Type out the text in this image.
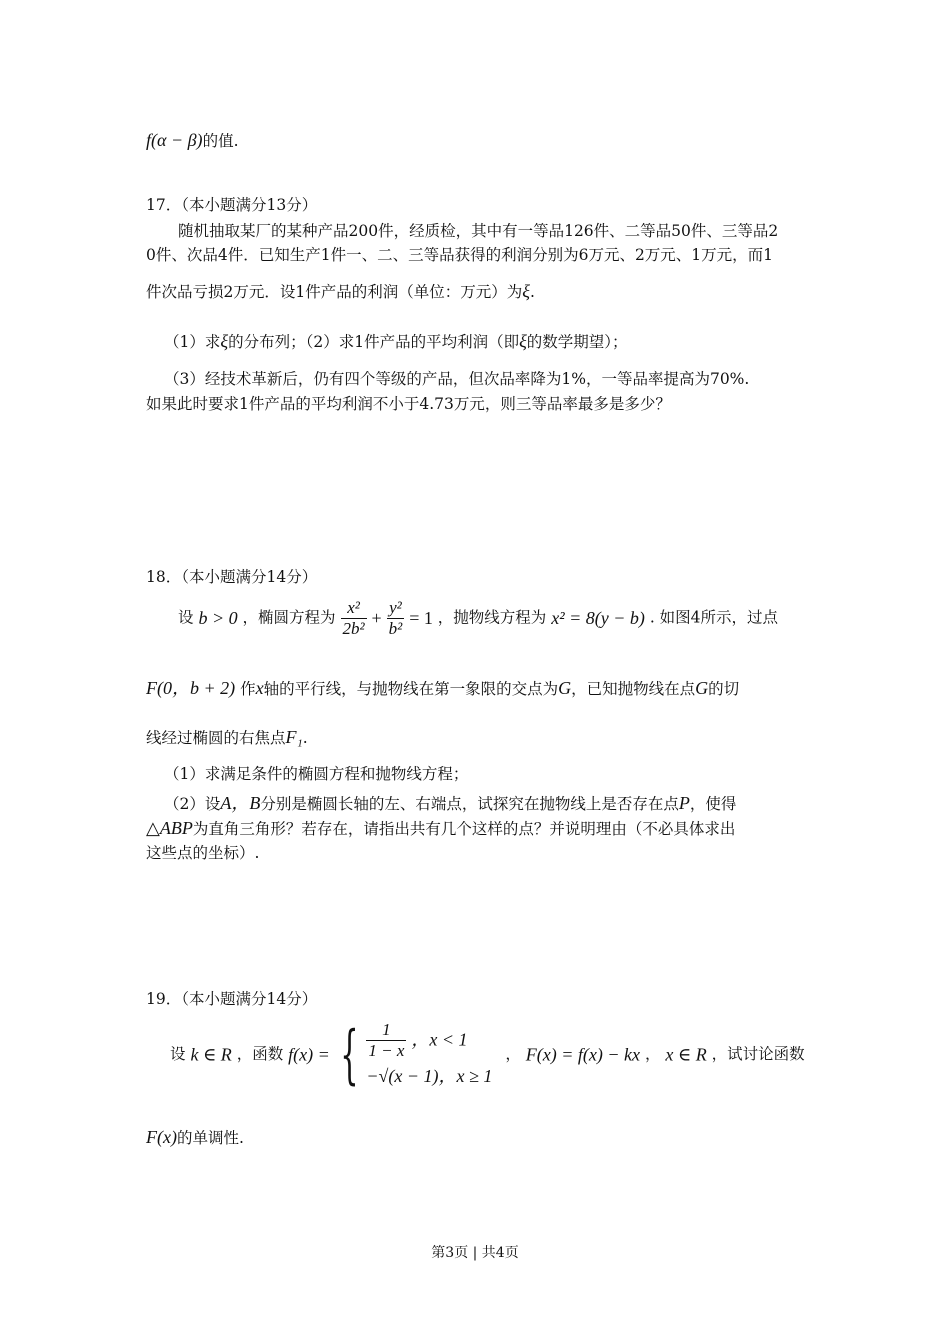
f(α − β)的值.
17．（本小题满分13分）
随机抽取某厂的某种产品200件，经质检，其中有一等品126件、二等品50件、三等品2
0件、次品4件．已知生产1件一、二、三等品获得的利润分别为6万元、2万元、1万元，而1
件次品亏损2万元．设1件产品的利润（单位：万元）为ξ.
（1）求ξ的分布列；（2）求1件产品的平均利润（即ξ的数学期望）；
（3）经技术革新后，仍有四个等级的产品，但次品率降为1%，一等品率提高为70%.
如果此时要求1件产品的平均利润不小于4.73万元，则三等品率最多是多少？
18．（本小题满分14分）
设 b > 0 ，椭圆方程为 $\frac{\text{x²}}{\text{2b²}} + \frac{\text{y²}}{\text{b²}} = 1$ ，抛物线方程为 x² = 8(y − b) . 如图4所示，过点
F(0，b + 2) 作x轴的平行线，与抛物线在第一象限的交点为G，已知抛物线在点G的切
线经过椭圆的右焦点F₁.
（1）求满足条件的椭圆方程和抛物线方程；
（2）设A，B分别是椭圆长轴的左、右端点，试探究在抛物线上是否存在点P，使得
△ABP为直角三角形？若存在，请指出共有几个这样的点？并说明理由（不必具体求出
这些点的坐标）.
19．（本小题满分14分）
设 k ∈ R ，函数 f(x) = { $\frac{1}{1 - x}$ ，x < 1
−√(x − 1)，x ≥ 1
， F(x) = f(x) − kx ， x ∈ R ，试讨论函数
F(x)的单调性.
第3页 | 共4页
